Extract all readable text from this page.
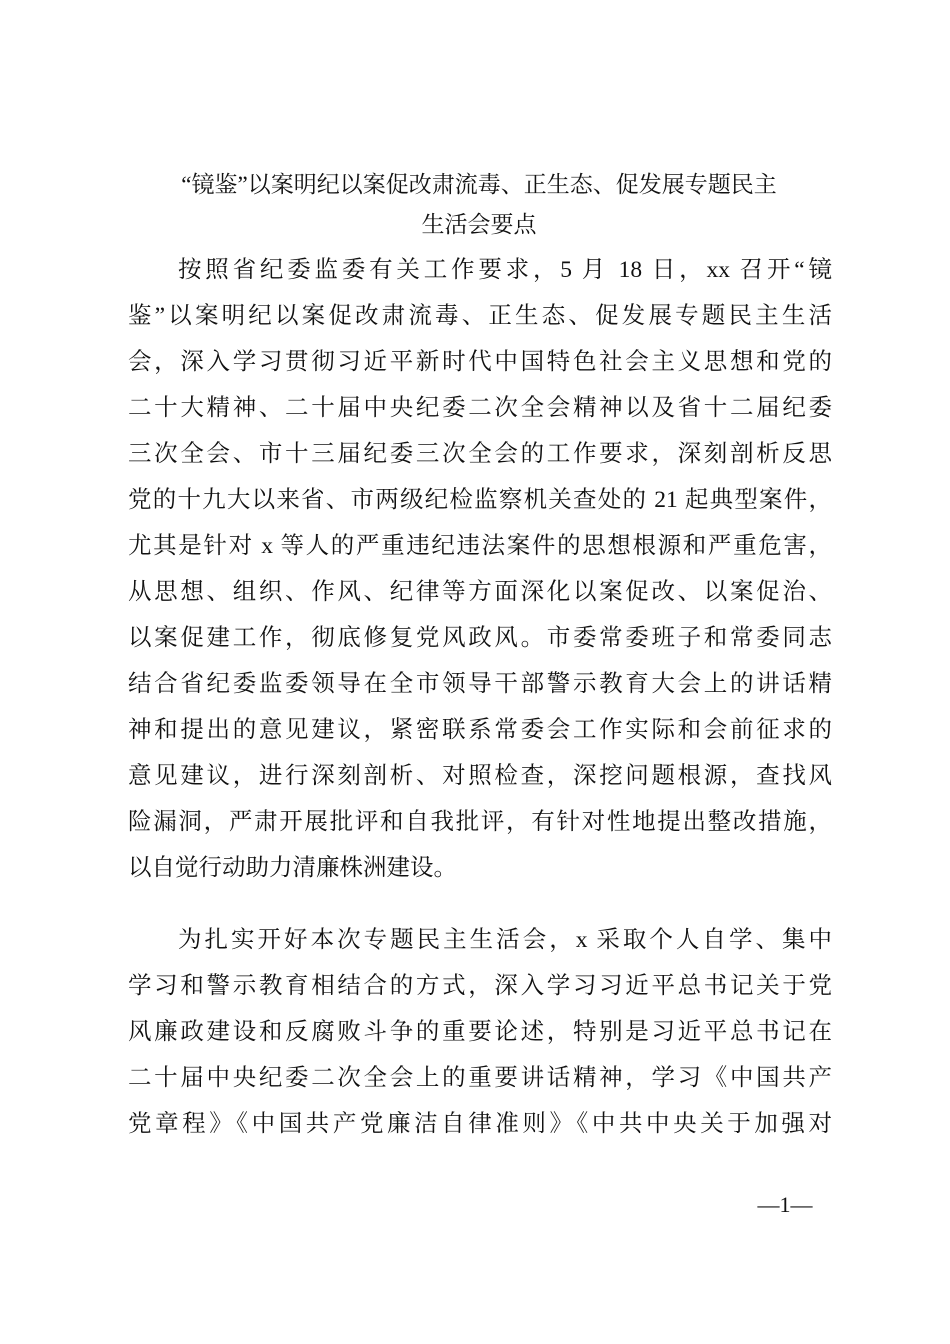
“镜鉴”以案明纪以案促改肃流毒、正生态、促发展专题民主
生活会要点
按照省纪委监委有关工作要求，5 月 18 日，xx 召开“镜
鉴”以案明纪以案促改肃流毒、正生态、促发展专题民主生活
会，深入学习贯彻习近平新时代中国特色社会主义思想和党的
二十大精神、二十届中央纪委二次全会精神以及省十二届纪委
三次全会、市十三届纪委三次全会的工作要求，深刻剖析反思
党的十九大以来省、市两级纪检监察机关查处的 21 起典型案件，
尤其是针对 x 等人的严重违纪违法案件的思想根源和严重危害，
从思想、组织、作风、纪律等方面深化以案促改、以案促治、
以案促建工作，彻底修复党风政风。市委常委班子和常委同志
结合省纪委监委领导在全市领导干部警示教育大会上的讲话精
神和提出的意见建议，紧密联系常委会工作实际和会前征求的
意见建议，进行深刻剖析、对照检查，深挖问题根源，查找风
险漏洞，严肃开展批评和自我批评，有针对性地提出整改措施，
以自觉行动助力清廉株洲建设。
为扎实开好本次专题民主生活会，x 采取个人自学、集中
学习和警示教育相结合的方式，深入学习习近平总书记关于党
风廉政建设和反腐败斗争的重要论述，特别是习近平总书记在
二十届中央纪委二次全会上的重要讲话精神，学习《中国共产
党章程》《中国共产党廉洁自律准则》《中共中央关于加强对
—1—
